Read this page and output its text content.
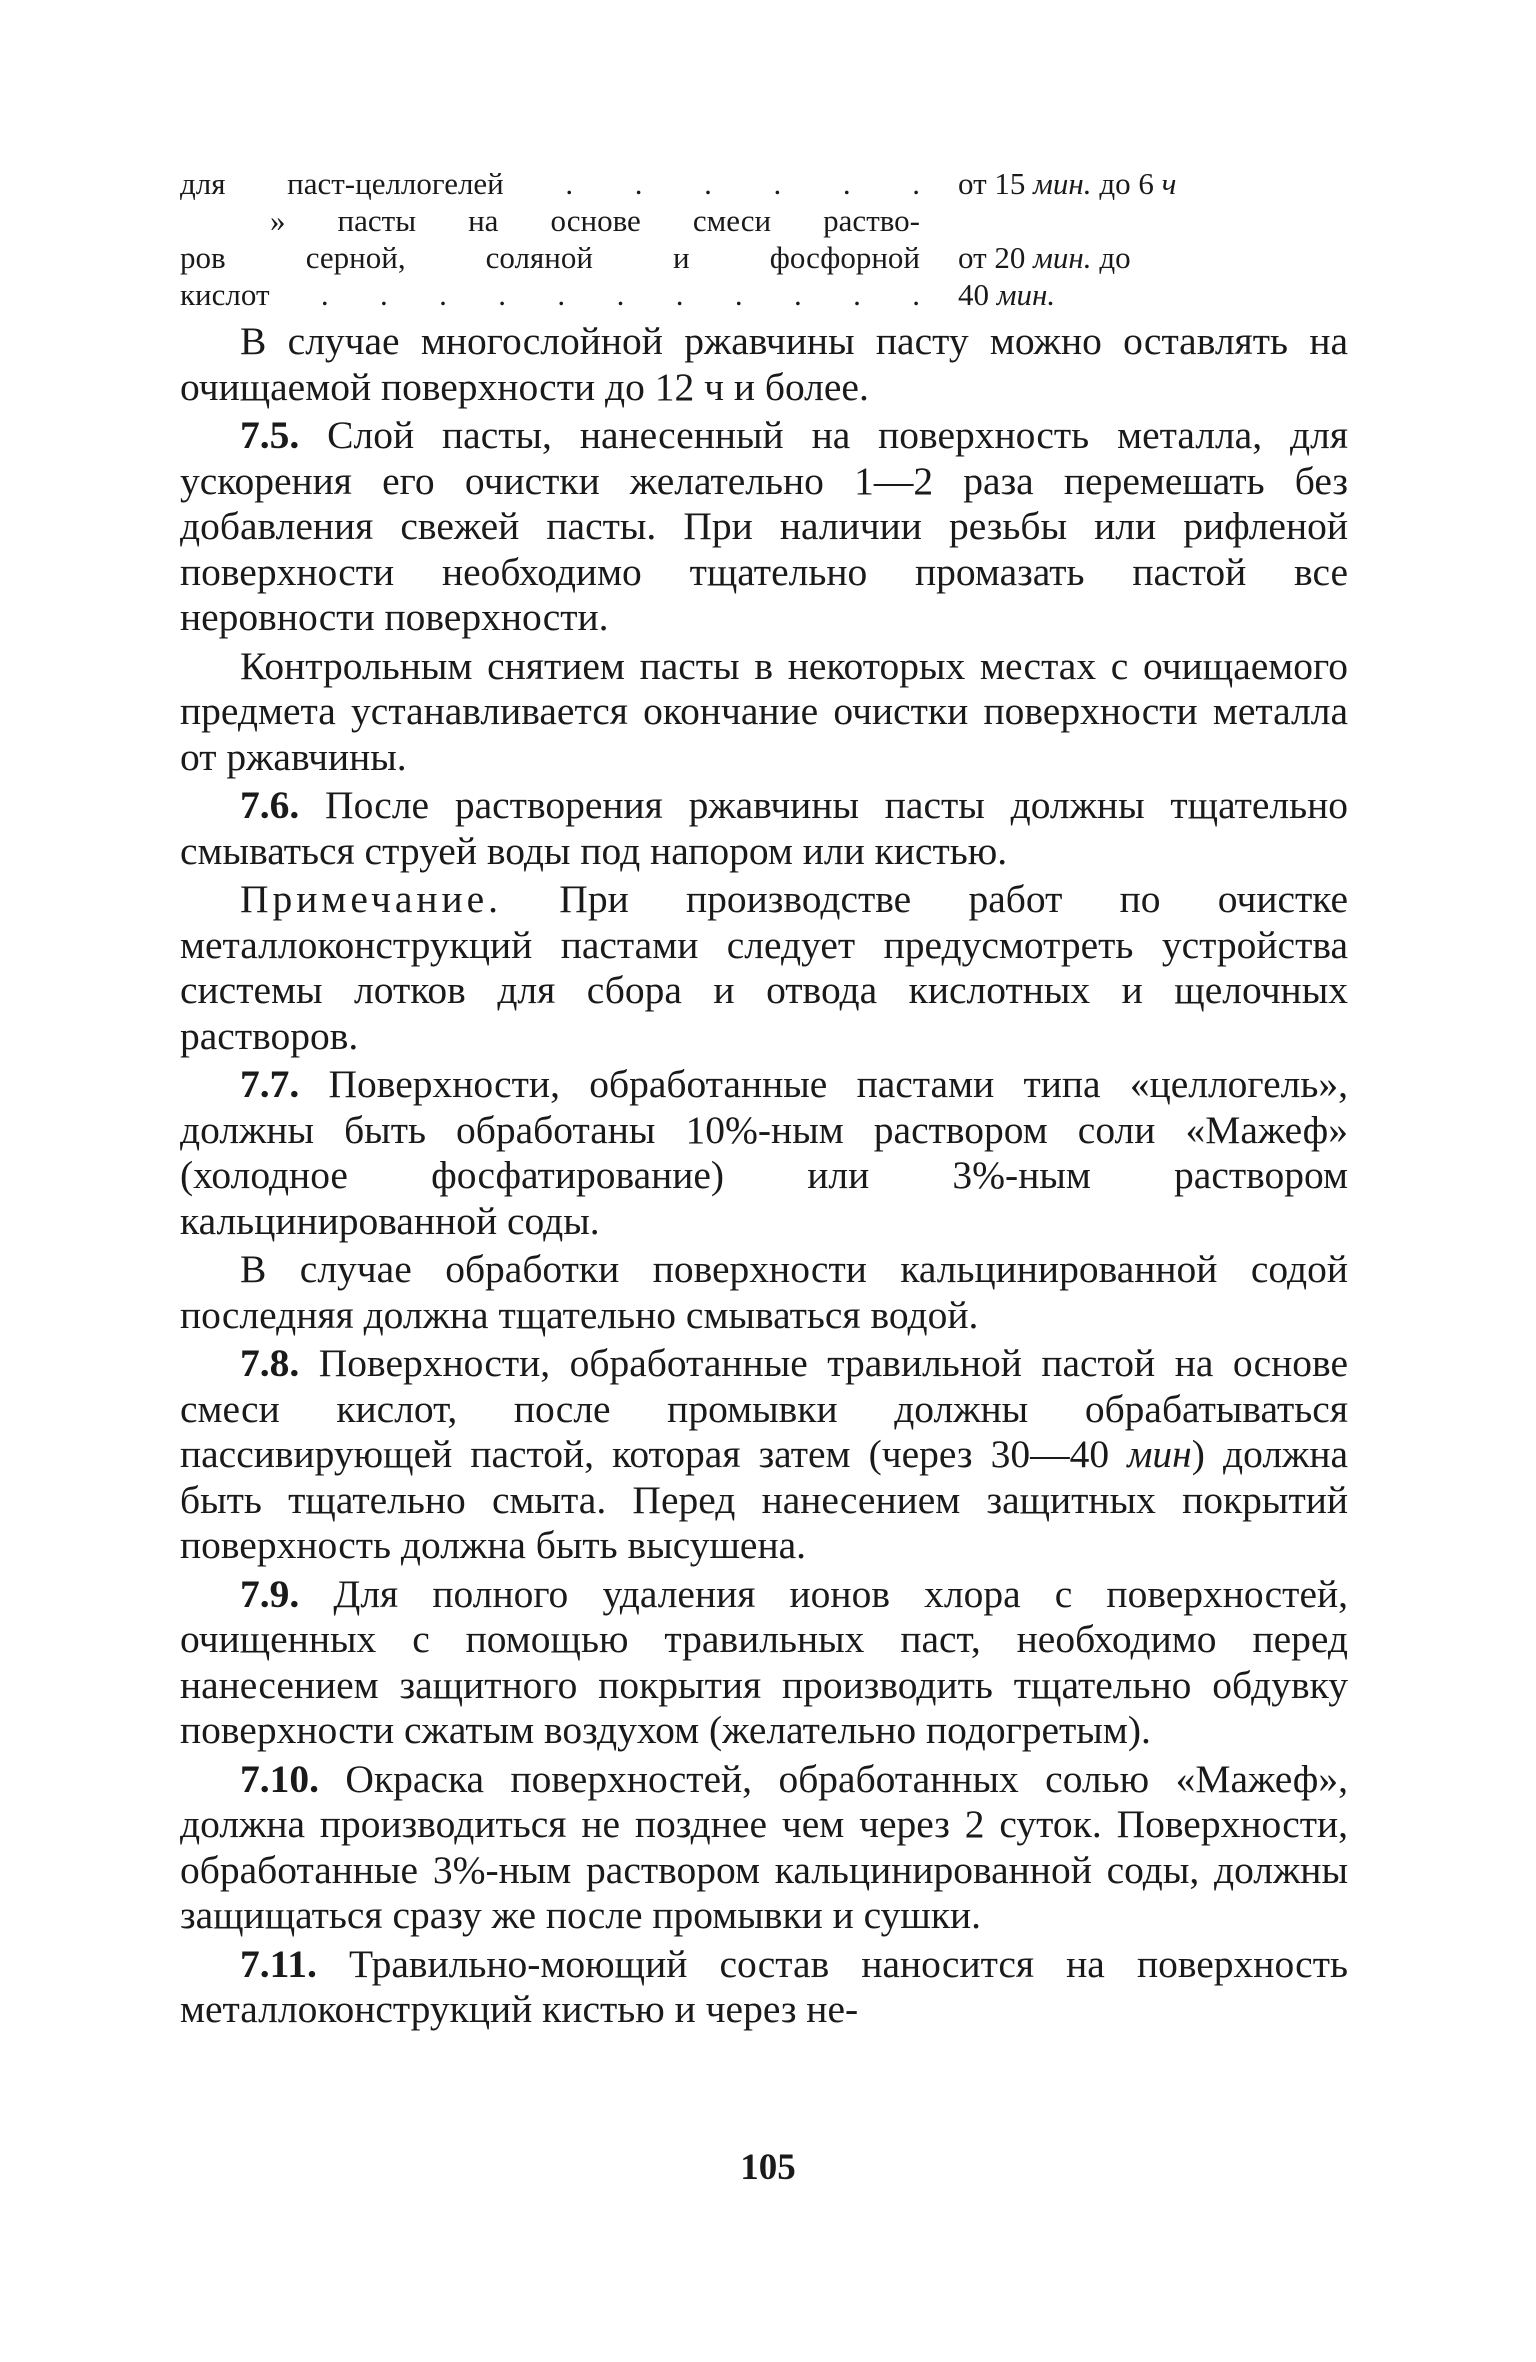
для паст-целлогелей . . . . . . от 15 мин. до 6 ч
» пасты на основе смеси раство-
ров серной, соляной и фосфорной от 20 мин. до
кислот . . . . . . . . . . . 40 мин.

В случае многослойной ржавчины пасту можно оставлять на очищаемой поверхности до 12 ч и более.

7.5. Слой пасты, нанесенный на поверхность металла, для ускорения его очистки желательно 1—2 раза перемешать без добавления свежей пасты. При наличии резьбы или рифленой поверхности необходимо тщательно промазать пастой все неровности поверхности.

Контрольным снятием пасты в некоторых местах с очищаемого предмета устанавливается окончание очистки поверхности металла от ржавчины.

7.6. После растворения ржавчины пасты должны тщательно смываться струей воды под напором или кистью.

Примечание. При производстве работ по очистке металлоконструкций пастами следует предусмотреть устройства системы лотков для сбора и отвода кислотных и щелочных растворов.

7.7. Поверхности, обработанные пастами типа «целлогель», должны быть обработаны 10%-ным раствором соли «Мажеф» (холодное фосфатирование) или 3%-ным раствором кальцинированной соды.

В случае обработки поверхности кальцинированной содой последняя должна тщательно смываться водой.

7.8. Поверхности, обработанные травильной пастой на основе смеси кислот, после промывки должны обрабатываться пассивирующей пастой, которая затем (через 30—40 мин) должна быть тщательно смыта. Перед нанесением защитных покрытий поверхность должна быть высушена.

7.9. Для полного удаления ионов хлора с поверхностей, очищенных с помощью травильных паст, необходимо перед нанесением защитного покрытия производить тщательно обдувку поверхности сжатым воздухом (желательно подогретым).

7.10. Окраска поверхностей, обработанных солью «Мажеф», должна производиться не позднее чем через 2 суток. Поверхности, обработанные 3%-ным раствором кальцинированной соды, должны защищаться сразу же после промывки и сушки.

7.11. Травильно-моющий состав наносится на поверхность металлоконструкций кистью и через не-

105
